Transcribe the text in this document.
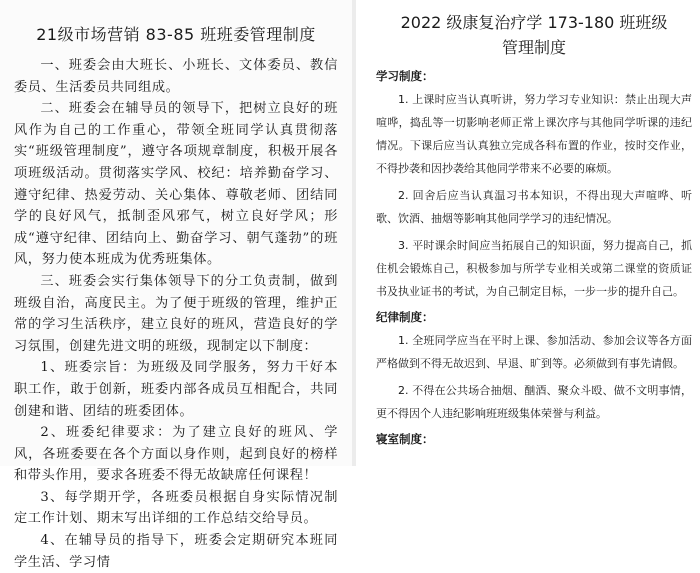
21级市场营销 83-85 班班委管理制度

一、班委会由大班长、小班长、文体委员、教信委员、生活委员共同组成。

二、班委会在辅导员的领导下，把树立良好的班风作为自己的工作重心，带领全班同学认真贯彻落实“班级管理制度”，遵守各项规章制度，积极开展各项班级活动。贯彻落实学风、校纪：培养勤奋学习、遵守纪律、热爱劳动、关心集体、尊敬老师、团结同学的良好风气，抵制歪风邪气，树立良好学风；形成“遵守纪律、团结向上、勤奋学习、朝气蓬勃”的班风，努力使本班成为优秀班集体。

三、班委会实行集体领导下的分工负责制，做到班级自治，高度民主。为了便于班级的管理，维护正常的学习生活秩序，建立良好的班风，营造良好的学习氛围，创建先进文明的班级，现制定以下制度：

1、班委宗旨：为班级及同学服务，努力干好本职工作，敢于创新，班委内部各成员互相配合，共同创建和谐、团结的班委团体。

2、班委纪律要求：为了建立良好的班风、学风，各班委要在各个方面以身作则，起到良好的榜样和带头作用，要求各班委不得无故缺席任何课程！

3、每学期开学，各班委员根据自身实际情况制定工作计划、期末写出详细的工作总结交给导员。

4、在辅导员的指导下，班委会定期研究本班同学生活、学习情

2022 级康复治疗学 173-180 班班级
管理制度
学习制度：

1. 上课时应当认真听讲，努力学习专业知识：禁止出现大声喧哗，捣乱等一切影响老师正常上课次序与其他同学听课的违纪情况。下课后应当认真独立完成各科布置的作业，按时交作业，不得抄袭和因抄袭给其他同学带来不必要的麻烦。

2. 回舍后应当认真温习书本知识，不得出现大声喧哗、听歌、饮酒、抽烟等影响其他同学学习的违纪情况。

3. 平时课余时间应当拓展自己的知识面，努力提高自己，抓住机会锻炼自己，积极参加与所学专业相关或第二课堂的资质证书及执业证书的考试，为自己制定目标，一步一步的提升自己。

纪律制度：

1. 全班同学应当在平时上课、参加活动、参加会议等各方面严格做到不得无故迟到、早退、旷到等。必须做到有事先请假。

2. 不得在公共场合抽烟、酗酒、聚众斗殴、做不文明事情，更不得因个人违纪影响班班级集体荣誉与利益。

寝室制度：
